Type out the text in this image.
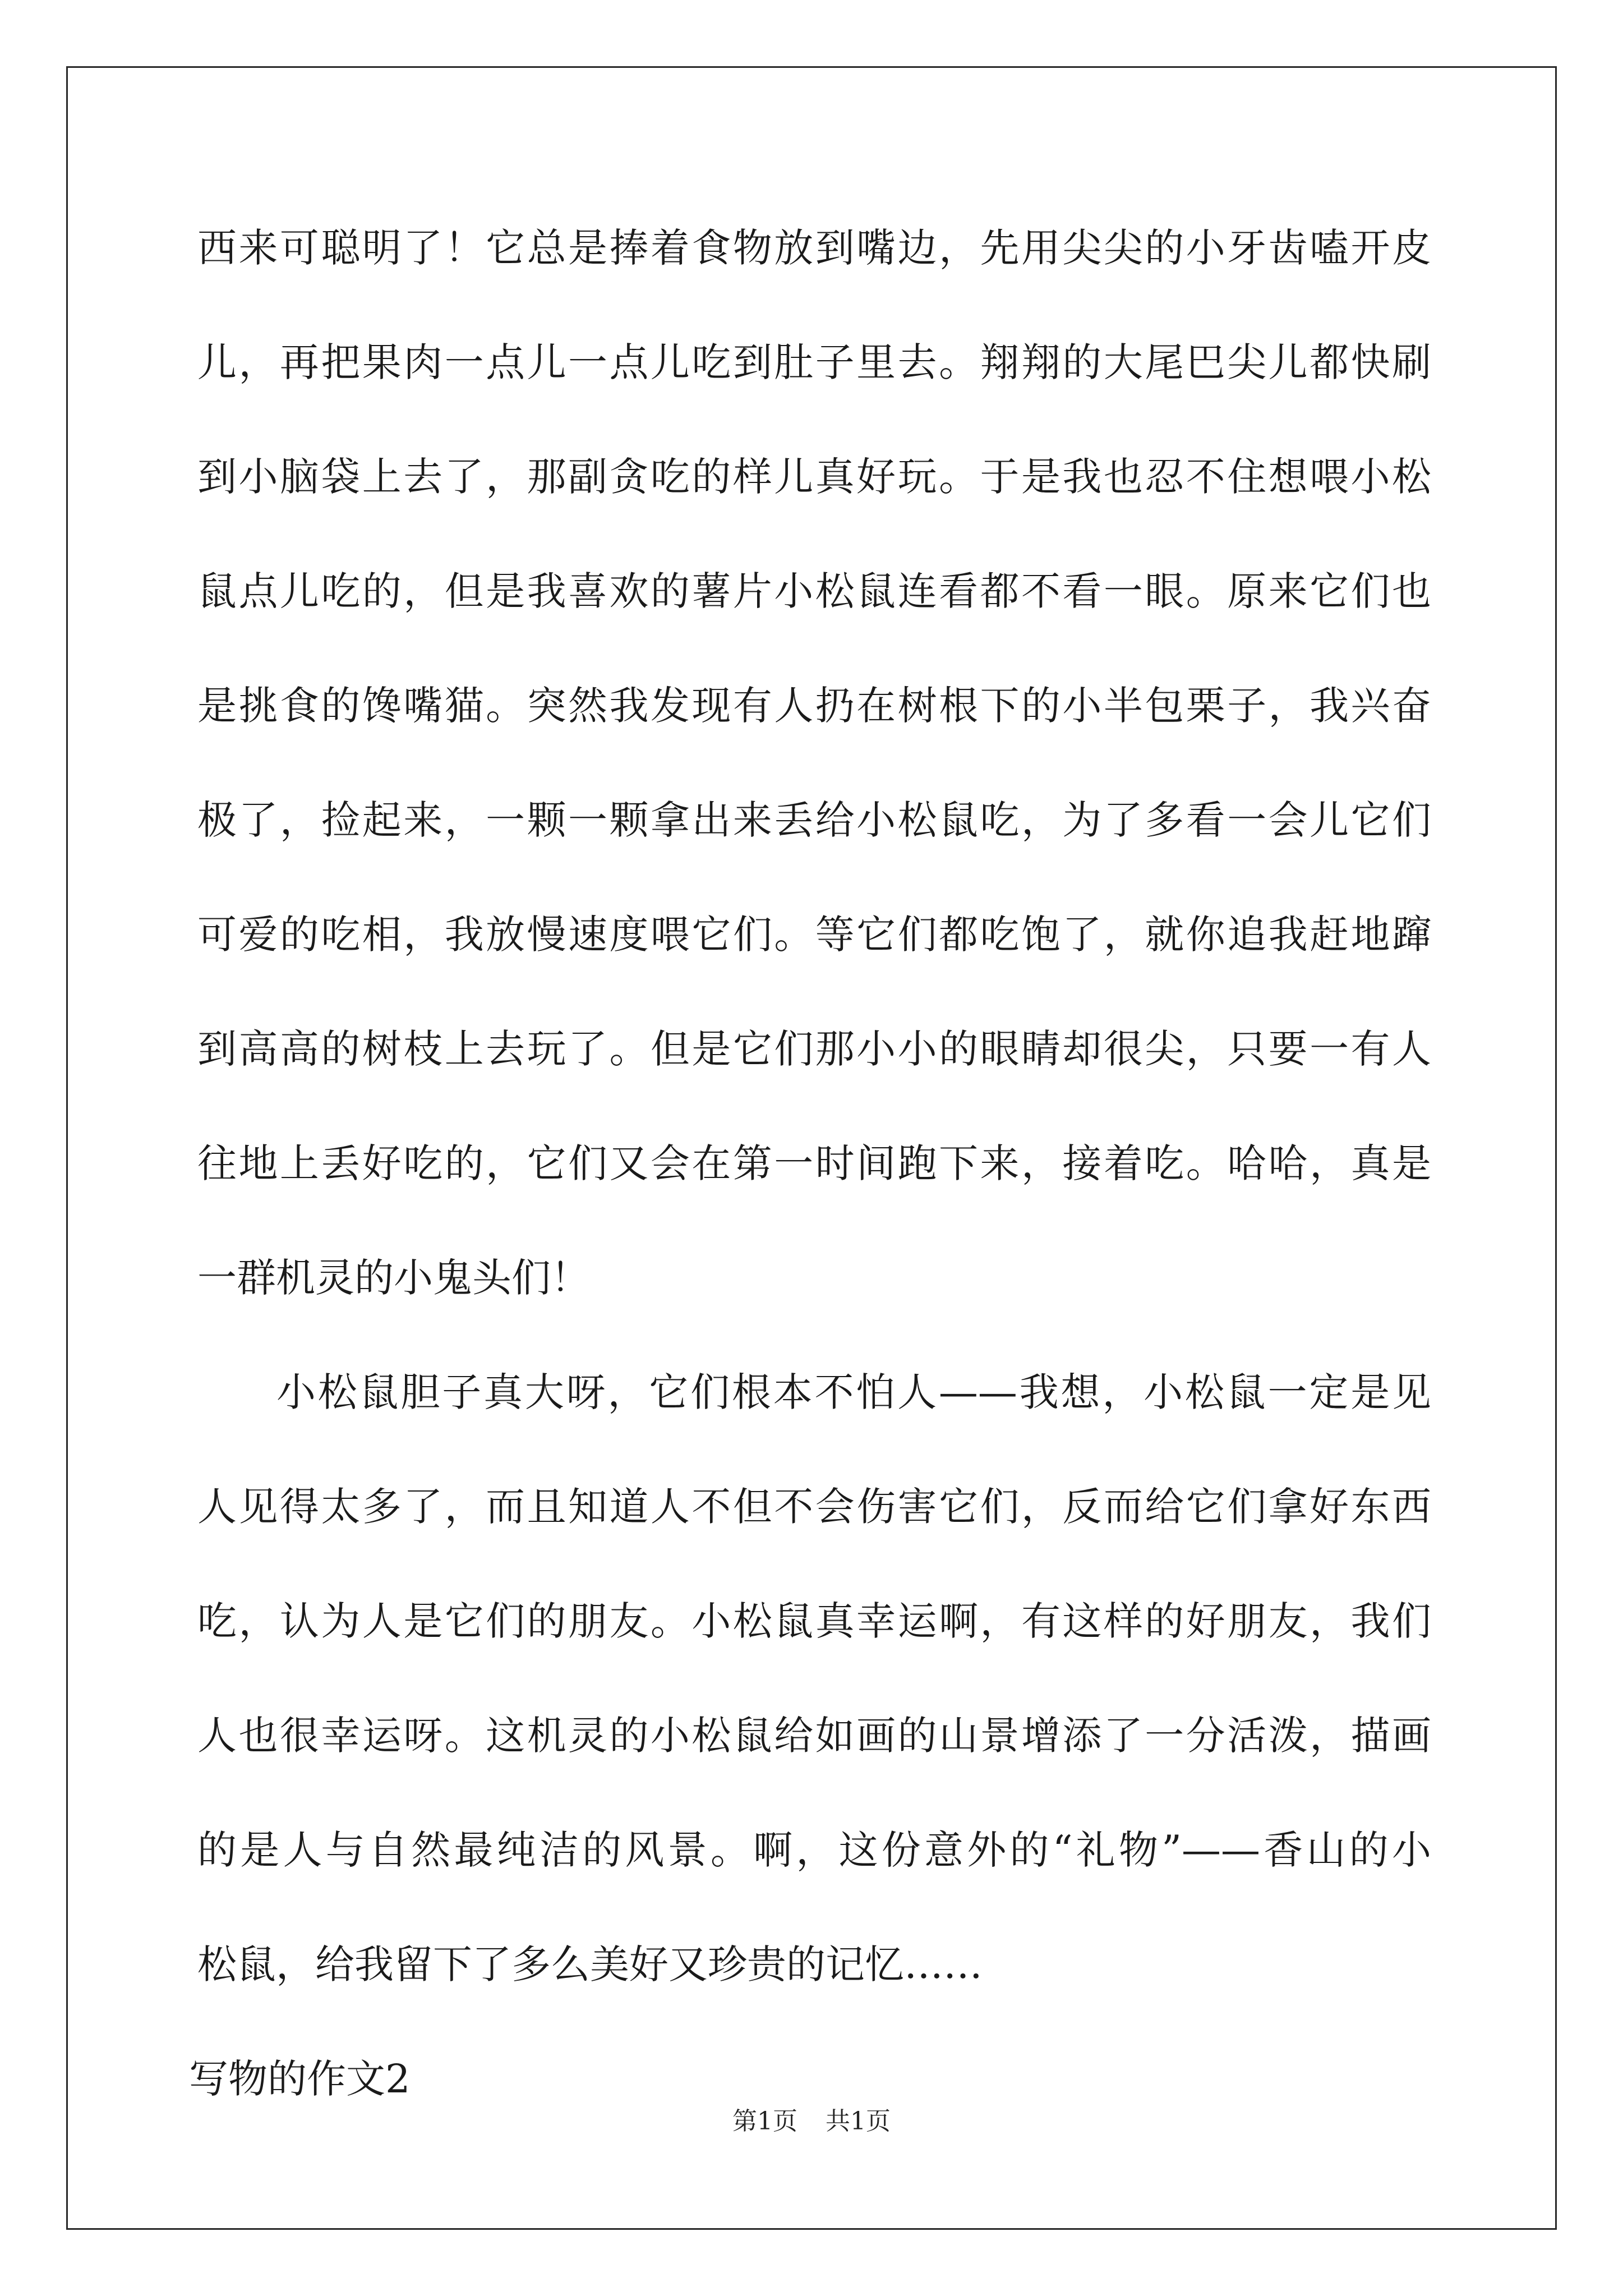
西来可聪明了！它总是捧着食物放到嘴边，先用尖尖的小牙齿嗑开皮
儿，再把果肉一点儿一点儿吃到肚子里去。翔翔的大尾巴尖儿都快刷
到小脑袋上去了，那副贪吃的样儿真好玩。于是我也忍不住想喂小松
鼠点儿吃的，但是我喜欢的薯片小松鼠连看都不看一眼。原来它们也
是挑食的馋嘴猫。突然我发现有人扔在树根下的小半包栗子，我兴奋
极了，捡起来，一颗一颗拿出来丢给小松鼠吃，为了多看一会儿它们
可爱的吃相，我放慢速度喂它们。等它们都吃饱了，就你追我赶地蹿
到高高的树枝上去玩了。但是它们那小小的眼睛却很尖，只要一有人
往地上丢好吃的，它们又会在第一时间跑下来，接着吃。哈哈，真是
一群机灵的小鬼头们！
小松鼠胆子真大呀，它们根本不怕人——我想，小松鼠一定是见
人见得太多了，而且知道人不但不会伤害它们，反而给它们拿好东西
吃，认为人是它们的朋友。小松鼠真幸运啊，有这样的好朋友，我们
人也很幸运呀。这机灵的小松鼠给如画的山景增添了一分活泼，描画
的是人与自然最纯洁的风景。啊，这份意外的“礼物”——香山的小
松鼠，给我留下了多么美好又珍贵的记忆……
写物的作文2
第1页 共1页
